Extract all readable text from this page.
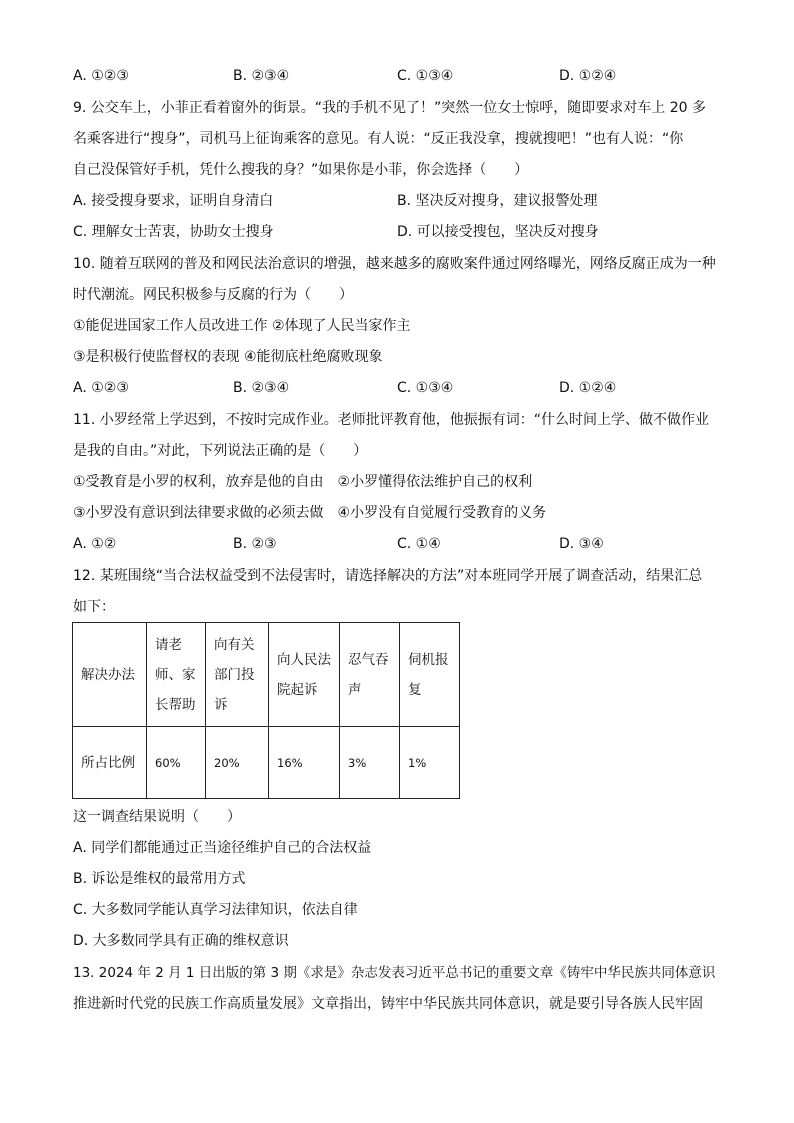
A. ①②③	B. ②③④	C. ①③④	D. ①②④
9. 公交车上，小菲正看着窗外的街景。“我的手机不见了！”突然一位女士惊呼，随即要求对车上 20 多
名乘客进行“搜身”，司机马上征询乘客的意见。有人说：“反正我没拿，搜就搜吧！”也有人说：“你
自己没保管好手机，凭什么搜我的身？”如果你是小菲，你会选择（　　）
A. 接受搜身要求，证明自身清白	B. 坚决反对搜身，建议报警处理
C. 理解女士苦衷，协助女士搜身	D. 可以接受搜包，坚决反对搜身
10. 随着互联网的普及和网民法治意识的增强，越来越多的腐败案件通过网络曝光，网络反腐正成为一种
时代潮流。网民积极参与反腐的行为（　　）
①能促进国家工作人员改进工作 ②体现了人民当家作主
③是积极行使监督权的表现 ④能彻底杜绝腐败现象
A. ①②③	B. ②③④	C. ①③④	D. ①②④
11. 小罗经常上学迟到，不按时完成作业。老师批评教育他，他振振有词：“什么时间上学、做不做作业
是我的自由。”对此，下列说法正确的是（　　）
①受教育是小罗的权利，放弃是他的自由　②小罗懂得依法维护自己的权利
③小罗没有意识到法律要求做的必须去做　④小罗没有自觉履行受教育的义务
A. ①②	B. ②③	C. ①④	D. ③④
12. 某班围绕“当合法权益受到不法侵害时，请选择解决的方法”对本班同学开展了调查活动，结果汇总
如下：
解决办法	请老师、家长帮助	向有关部门投诉	向人民法院起诉	忍气吞声	伺机报复

所占比例	60%	20%	16%	3%	1%
这一调查结果说明（　　）
A. 同学们都能通过正当途径维护自己的合法权益
B. 诉讼是维权的最常用方式
C. 大多数同学能认真学习法律知识，依法自律
D. 大多数同学具有正确的维权意识
13. 2024 年 2 月 1 日出版的第 3 期《求是》杂志发表习近平总书记的重要文章《铸牢中华民族共同体意识
推进新时代党的民族工作高质量发展》文章指出，铸牢中华民族共同体意识，就是要引导各族人民牢固
